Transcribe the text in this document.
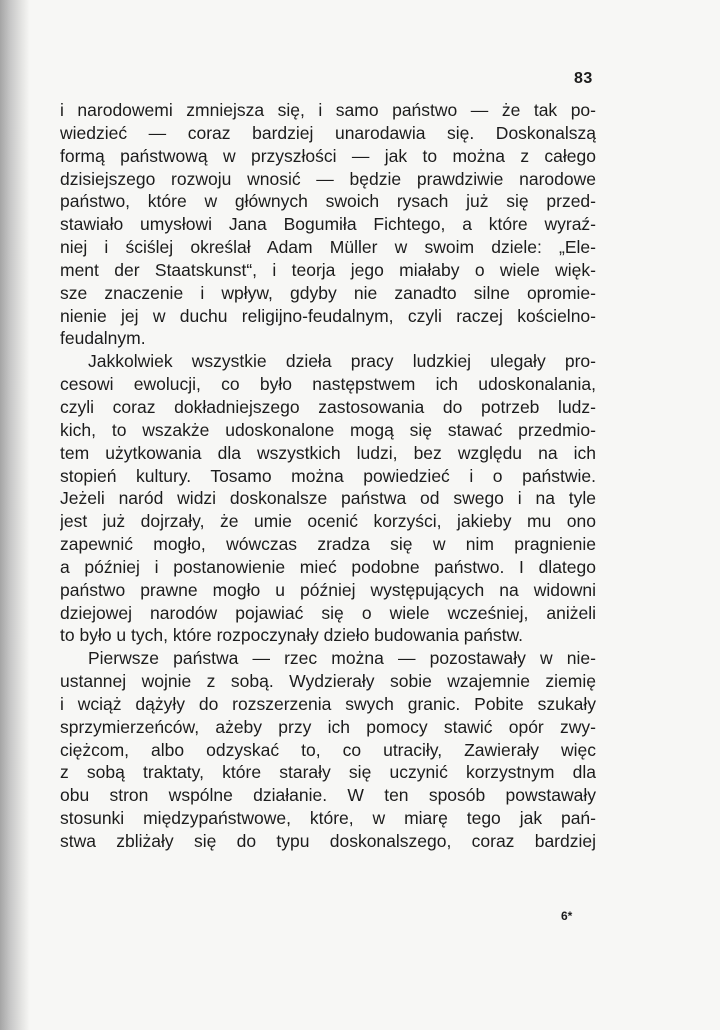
83
i narodowemi zmniejsza się, i samo państwo — że tak po-
wiedzieć — coraz bardziej unarodawia się. Doskonalszą
formą państwową w przyszłości — jak to można z całego
dzisiejszego rozwoju wnosić — będzie prawdziwie narodowe
państwo, które w głównych swoich rysach już się przed-
stawiało umysłowi Jana Bogumiła Fichtego, a które wyraź-
niej i ściślej określał Adam Müller w swoim dziele: „Ele-
ment der Staatskunst“, i teorja jego miałaby o wiele więk-
sze znaczenie i wpływ, gdyby nie zanadto silne opromie-
nienie jej w duchu religijno-feudalnym, czyli raczej kościelno-
feudalnym.
Jakkolwiek wszystkie dzieła pracy ludzkiej ulegały pro-
cesowi ewolucji, co było następstwem ich udoskonalania,
czyli coraz dokładniejszego zastosowania do potrzeb ludz-
kich, to wszakże udoskonalone mogą się stawać przedmio-
tem użytkowania dla wszystkich ludzi, bez względu na ich
stopień kultury. Tosamo można powiedzieć i o państwie.
Jeżeli naród widzi doskonalsze państwa od swego i na tyle
jest już dojrzały, że umie ocenić korzyści, jakieby mu ono
zapewnić mogło, wówczas zradza się w nim pragnienie
a później i postanowienie mieć podobne państwo. I dlatego
państwo prawne mogło u później występujących na widowni
dziejowej narodów pojawiać się o wiele wcześniej, aniżeli
to było u tych, które rozpoczynały dzieło budowania państw.
Pierwsze państwa — rzec można — pozostawały w nie-
ustannej wojnie z sobą. Wydzierały sobie wzajemnie ziemię
i wciąż dążyły do rozszerzenia swych granic. Pobite szukały
sprzymierzeńców, ażeby przy ich pomocy stawić opór zwy-
ciężcom, albo odzyskać to, co utraciły, Zawierały więc
z sobą traktaty, które starały się uczynić korzystnym dla
obu stron wspólne działanie. W ten sposób powstawały
stosunki międzypaństwowe, które, w miarę tego jak pań-
stwa zbliżały się do typu doskonalszego, coraz bardziej
6*
